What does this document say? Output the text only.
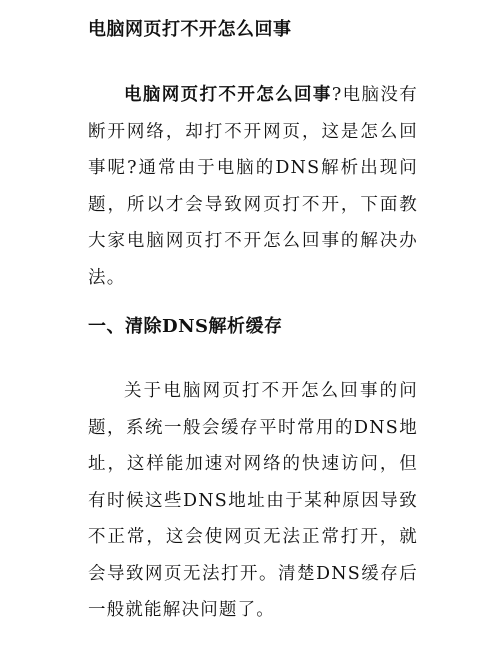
电脑网页打不开怎么回事

电脑网页打不开怎么回事?电脑没有断开网络，却打不开网页，这是怎么回事呢?通常由于电脑的DNS解析出现问题，所以才会导致网页打不开，下面教大家电脑网页打不开怎么回事的解决办法。

一、清除DNS解析缓存

关于电脑网页打不开怎么回事的问题，系统一般会缓存平时常用的DNS地址，这样能加速对网络的快速访问，但有时候这些DNS地址由于某种原因导致不正常，这会使网页无法正常打开，就会导致网页无法打开。清楚DNS缓存后一般就能解决问题了。
